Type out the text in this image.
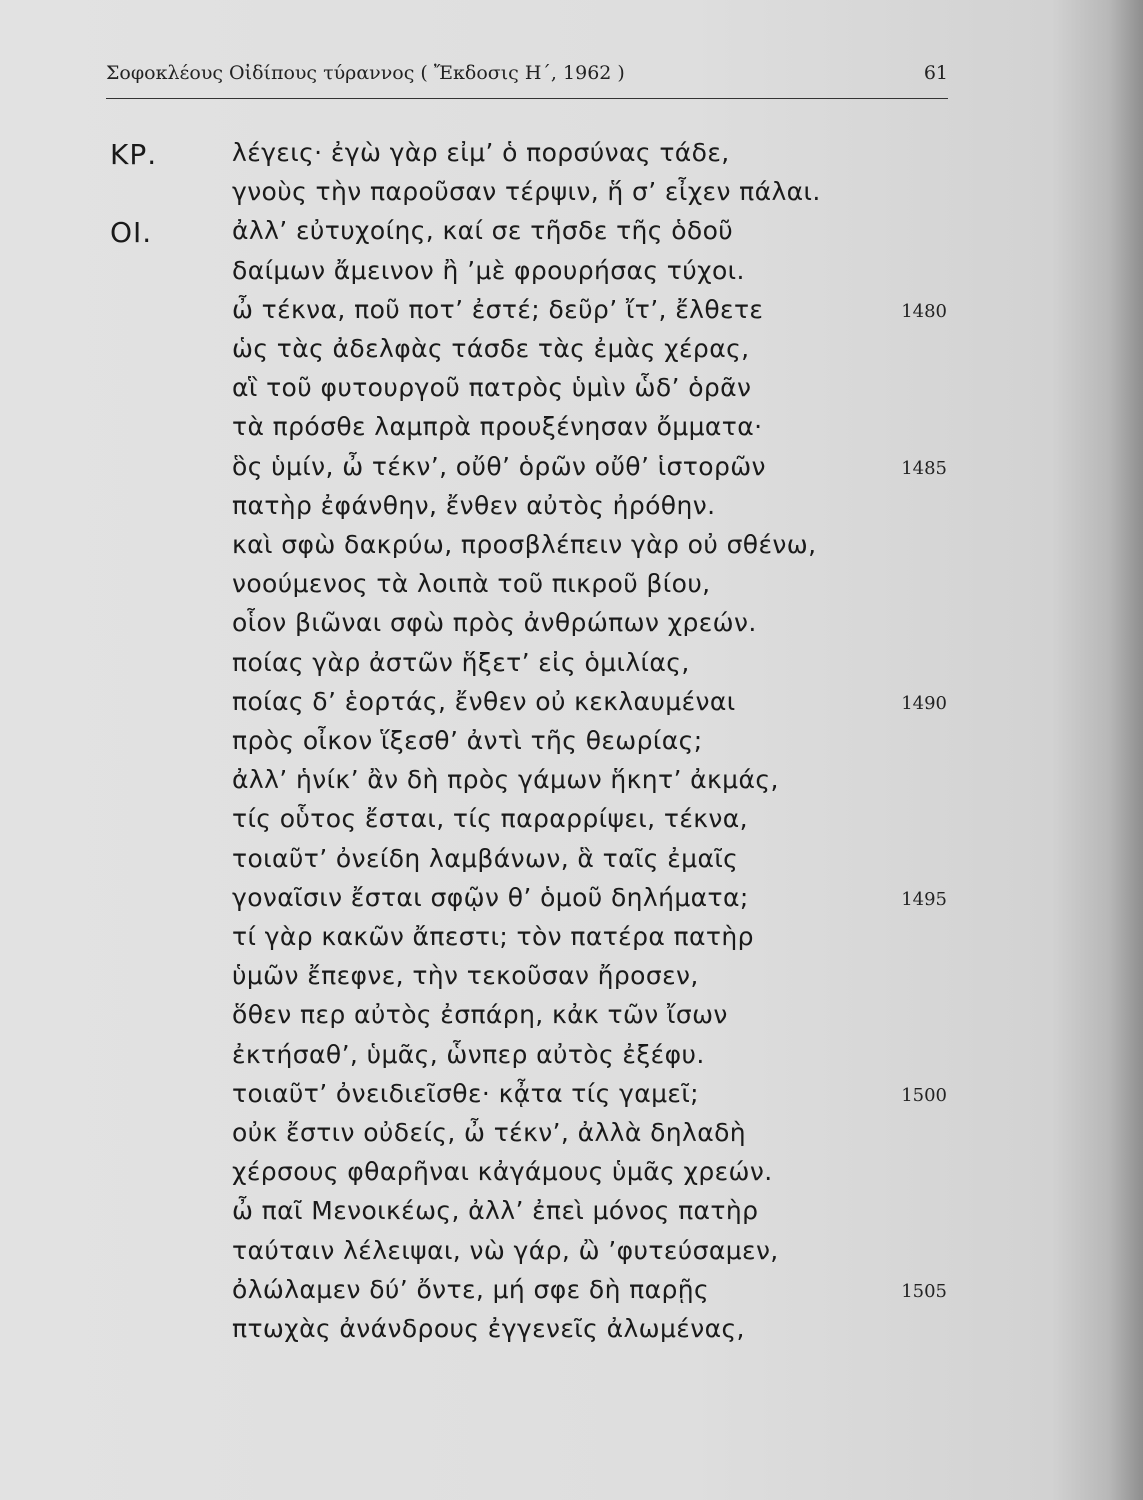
Σοφοκλέους Οἰδίπους τύραννος ( Ἔκδοσις Η΄, 1962 )	61
ΚΡ.	λέγεις· ἐγὼ γὰρ εἰμ’ ὁ πορσύνας τάδε,
γνοὺς τὴν παροῦσαν τέρψιν, ἥ σ’ εἶχεν πάλαι.
ΟΙ.	ἀλλ’ εὐτυχοίης, καί σε τῆσδε τῆς ὁδοῦ
δαίμων ἄμεινον ἢ ’μὲ φρουρήσας τύχοι.
ὦ τέκνα, ποῦ ποτ’ ἐστέ; δεῦρ’ ἴτ’, ἔλθετε	1480
ὡς τὰς ἀδελφὰς τάσδε τὰς ἐμὰς χέρας,
αἳ τοῦ φυτουργοῦ πατρὸς ὑμὶν ὧδ’ ὁρᾶν
τὰ πρόσθε λαμπρὰ προυξένησαν ὄμματα·
ὃς ὑμίν, ὦ τέκν’, οὔθ’ ὁρῶν οὔθ’ ἱστορῶν	1485
πατὴρ ἐφάνθην, ἔνθεν αὐτὸς ἠρόθην.
καὶ σφὼ δακρύω, προσβλέπειν γὰρ οὐ σθένω,
νοούμενος τὰ λοιπὰ τοῦ πικροῦ βίου,
οἷον βιῶναι σφὼ πρὸς ἀνθρώπων χρεών.
ποίας γὰρ ἀστῶν ἥξετ’ εἰς ὁμιλίας,
ποίας δ’ ἑορτάς, ἔνθεν οὐ κεκλαυμέναι	1490
πρὸς οἶκον ἵξεσθ’ ἀντὶ τῆς θεωρίας;
ἀλλ’ ἡνίκ’ ἂν δὴ πρὸς γάμων ἥκητ’ ἀκμάς,
τίς οὗτος ἔσται, τίς παραρρίψει, τέκνα,
τοιαῦτ’ ὀνείδη λαμβάνων, ἃ ταῖς ἐμαῖς
γοναῖσιν ἔσται σφῷν θ’ ὁμοῦ δηλήματα;	1495
τί γὰρ κακῶν ἄπεστι; τὸν πατέρα πατὴρ
ὑμῶν ἔπεφνε, τὴν τεκοῦσαν ἤροσεν,
ὅθεν περ αὐτὸς ἐσπάρη, κἀκ τῶν ἴσων
ἐκτήσαθ’, ὑμᾶς, ὧνπερ αὐτὸς ἐξέφυ.
τοιαῦτ’ ὀνειδιεῖσθε· κᾆτα τίς γαμεῖ;	1500
οὐκ ἔστιν οὐδείς, ὦ τέκν’, ἀλλὰ δηλαδὴ
χέρσους φθαρῆναι κἀγάμους ὑμᾶς χρεών.
ὦ παῖ Μενοικέως, ἀλλ’ ἐπεὶ μόνος πατὴρ
ταύταιν λέλειψαι, νὼ γάρ, ὢ ’φυτεύσαμεν,
ὀλώλαμεν δύ’ ὄντε, μή σφε δὴ παρῇς	1505
πτωχὰς ἀνάνδρους ἐγγενεῖς ἀλωμένας,
